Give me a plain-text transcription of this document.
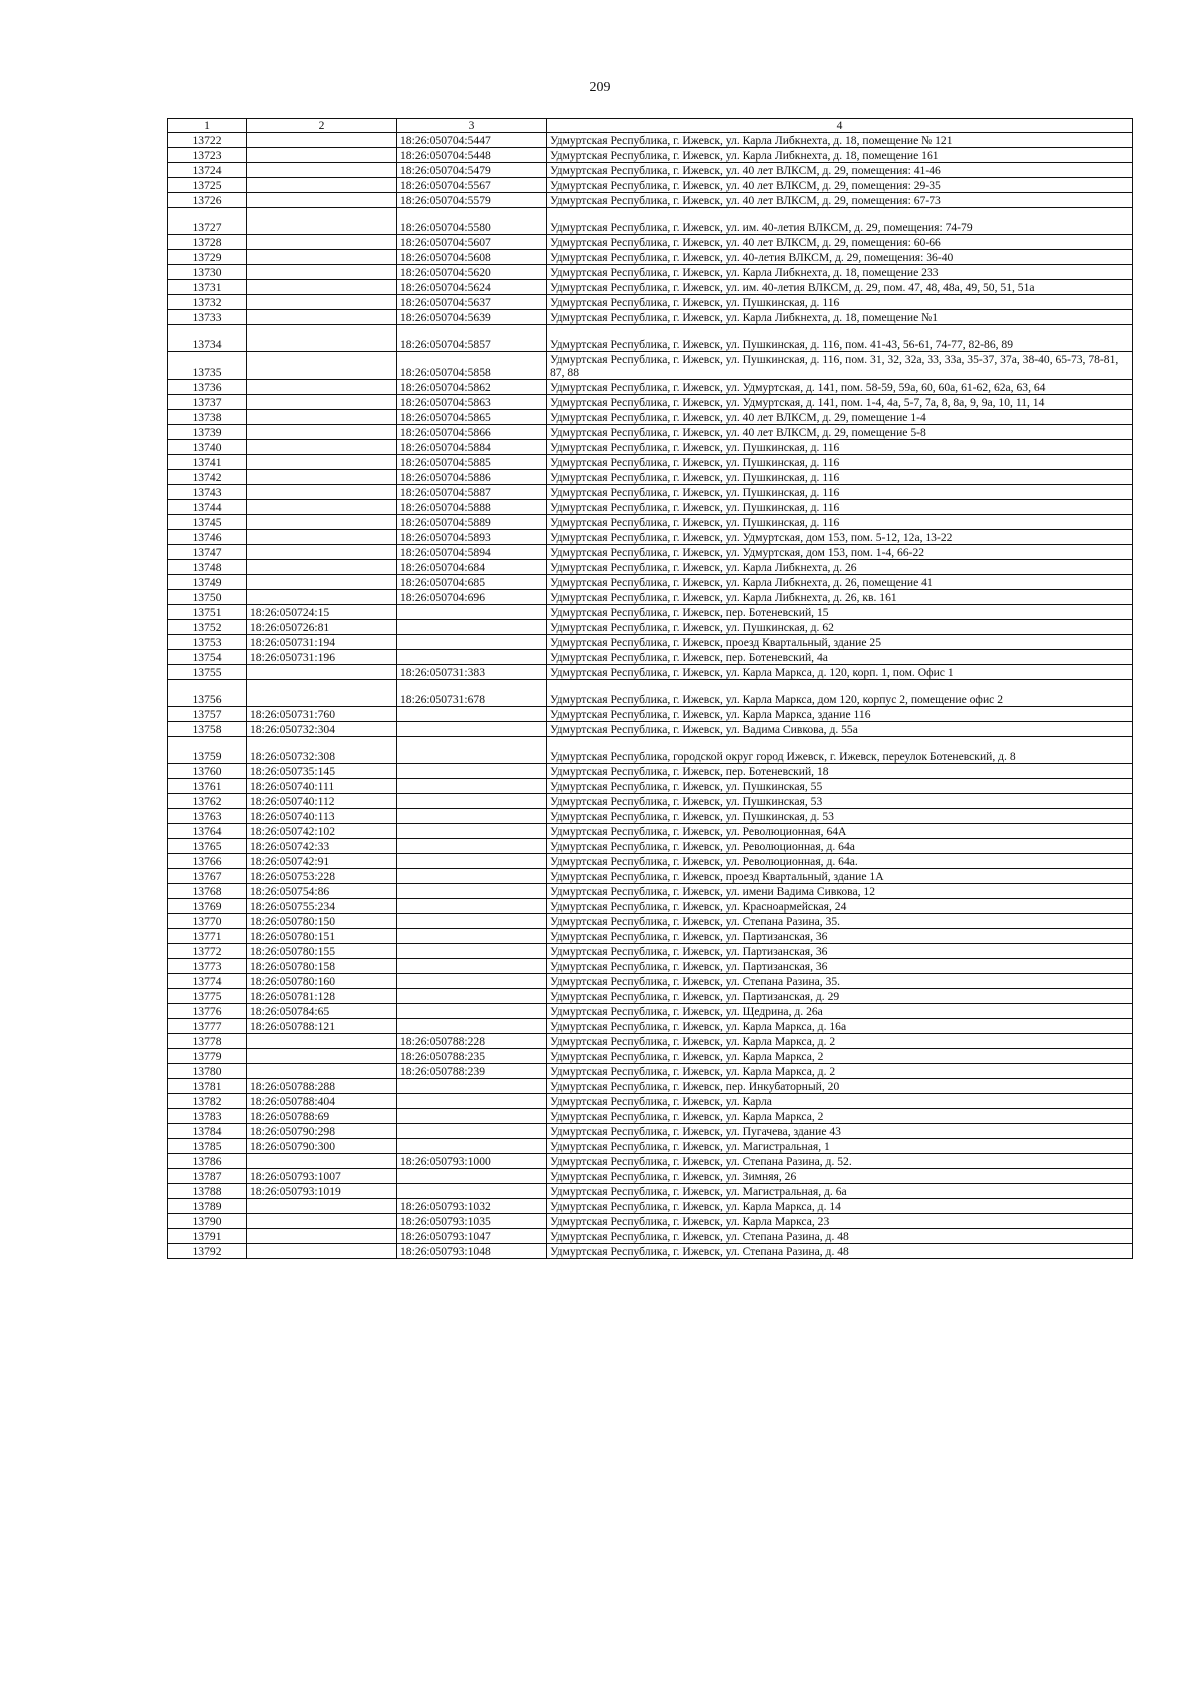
209
1	2	3	4
13722		18:26:050704:5447	Удмуртская Республика, г. Ижевск, ул. Карла Либкнехта, д. 18, помещение № 121
13723		18:26:050704:5448	Удмуртская Республика, г. Ижевск, ул. Карла Либкнехта, д. 18, помещение 161
13724		18:26:050704:5479	Удмуртская Республика, г. Ижевск, ул. 40 лет ВЛКСМ, д. 29, помещения: 41-46
13725		18:26:050704:5567	Удмуртская Республика, г. Ижевск, ул. 40 лет ВЛКСМ, д. 29, помещения: 29-35
13726		18:26:050704:5579	Удмуртская Республика, г. Ижевск, ул. 40 лет ВЛКСМ, д. 29, помещения: 67-73
13727		18:26:050704:5580	Удмуртская Республика, г. Ижевск, ул. им. 40-летия ВЛКСМ, д. 29, помещения: 74-79
13728		18:26:050704:5607	Удмуртская Республика, г. Ижевск, ул. 40 лет ВЛКСМ, д. 29, помещения: 60-66
13729		18:26:050704:5608	Удмуртская Республика, г. Ижевск, ул. 40-летия ВЛКСМ, д. 29, помещения: 36-40
13730		18:26:050704:5620	Удмуртская Республика, г. Ижевск, ул. Карла Либкнехта, д. 18, помещение 233
13731		18:26:050704:5624	Удмуртская Республика, г. Ижевск, ул. им. 40-летия ВЛКСМ, д. 29, пом. 47, 48, 48а, 49, 50, 51, 51а
13732		18:26:050704:5637	Удмуртская Республика, г. Ижевск, ул. Пушкинская, д. 116
13733		18:26:050704:5639	Удмуртская Республика, г. Ижевск, ул. Карла Либкнехта, д. 18, помещение №1
13734		18:26:050704:5857	Удмуртская Республика, г. Ижевск, ул. Пушкинская, д. 116, пом. 41-43, 56-61, 74-77, 82-86, 89
13735		18:26:050704:5858	Удмуртская Республика, г. Ижевск, ул. Пушкинская, д. 116, пом. 31, 32, 32а, 33, 33а, 35-37, 37а, 38-40, 65-73, 78-81, 87, 88
13736		18:26:050704:5862	Удмуртская Республика, г. Ижевск, ул. Удмуртская, д. 141, пом. 58-59, 59а, 60, 60а, 61-62, 62а, 63, 64
13737		18:26:050704:5863	Удмуртская Республика, г. Ижевск, ул. Удмуртская, д. 141, пом. 1-4, 4а, 5-7, 7а, 8, 8а, 9, 9а, 10, 11, 14
13738		18:26:050704:5865	Удмуртская Республика, г. Ижевск, ул. 40 лет ВЛКСМ, д. 29, помещение 1-4
13739		18:26:050704:5866	Удмуртская Республика, г. Ижевск, ул. 40 лет ВЛКСМ, д. 29, помещение 5-8
13740		18:26:050704:5884	Удмуртская Республика, г. Ижевск, ул. Пушкинская, д. 116
13741		18:26:050704:5885	Удмуртская Республика, г. Ижевск, ул. Пушкинская, д. 116
13742		18:26:050704:5886	Удмуртская Республика, г. Ижевск, ул. Пушкинская, д. 116
13743		18:26:050704:5887	Удмуртская Республика, г. Ижевск, ул. Пушкинская, д. 116
13744		18:26:050704:5888	Удмуртская Республика, г. Ижевск, ул. Пушкинская, д. 116
13745		18:26:050704:5889	Удмуртская Республика, г. Ижевск, ул. Пушкинская, д. 116
13746		18:26:050704:5893	Удмуртская Республика, г. Ижевск, ул. Удмуртская, дом 153, пом. 5-12, 12а, 13-22
13747		18:26:050704:5894	Удмуртская Республика, г. Ижевск, ул. Удмуртская, дом 153, пом. 1-4, 66-22
13748		18:26:050704:684	Удмуртская Республика, г. Ижевск, ул. Карла Либкнехта, д. 26
13749		18:26:050704:685	Удмуртская Республика, г. Ижевск, ул. Карла Либкнехта, д. 26, помещение 41
13750		18:26:050704:696	Удмуртская Республика, г. Ижевск, ул. Карла Либкнехта, д. 26, кв. 161
13751	18:26:050724:15		Удмуртская Республика, г. Ижевск, пер. Ботеневский, 15
13752	18:26:050726:81		Удмуртская Республика, г. Ижевск, ул. Пушкинская, д. 62
13753	18:26:050731:194		Удмуртская Республика, г. Ижевск, проезд Квартальный, здание 25
13754	18:26:050731:196		Удмуртская Республика, г. Ижевск, пер. Ботеневский, 4а
13755		18:26:050731:383	Удмуртская Республика, г. Ижевск, ул. Карла Маркса, д. 120, корп. 1, пом. Офис 1
13756		18:26:050731:678	Удмуртская Республика, г. Ижевск, ул. Карла Маркса, дом 120, корпус 2, помещение офис 2
13757	18:26:050731:760		Удмуртская Республика, г. Ижевск, ул. Карла Маркса, здание 116
13758	18:26:050732:304		Удмуртская Республика, г. Ижевск, ул. Вадима Сивкова, д. 55а
13759	18:26:050732:308		Удмуртская Республика, городской округ город Ижевск, г. Ижевск, переулок Ботеневский, д. 8
13760	18:26:050735:145		Удмуртская Республика, г. Ижевск, пер. Ботеневский, 18
13761	18:26:050740:111		Удмуртская Республика, г. Ижевск, ул. Пушкинская, 55
13762	18:26:050740:112		Удмуртская Республика, г. Ижевск, ул. Пушкинская, 53
13763	18:26:050740:113		Удмуртская Республика, г. Ижевск, ул. Пушкинская, д. 53
13764	18:26:050742:102		Удмуртская Республика, г. Ижевск, ул. Революционная, 64А
13765	18:26:050742:33		Удмуртская Республика, г. Ижевск, ул. Революционная, д. 64а
13766	18:26:050742:91		Удмуртская Республика, г. Ижевск, ул. Революционная, д. 64а.
13767	18:26:050753:228		Удмуртская Республика, г. Ижевск, проезд Квартальный, здание 1А
13768	18:26:050754:86		Удмуртская Республика, г. Ижевск, ул. имени Вадима Сивкова, 12
13769	18:26:050755:234		Удмуртская Республика, г. Ижевск, ул. Красноармейская, 24
13770	18:26:050780:150		Удмуртская Республика, г. Ижевск, ул. Степана Разина, 35.
13771	18:26:050780:151		Удмуртская Республика, г. Ижевск, ул. Партизанская, 36
13772	18:26:050780:155		Удмуртская Республика, г. Ижевск, ул. Партизанская, 36
13773	18:26:050780:158		Удмуртская Республика, г. Ижевск, ул. Партизанская, 36
13774	18:26:050780:160		Удмуртская Республика, г. Ижевск, ул. Степана Разина, 35.
13775	18:26:050781:128		Удмуртская Республика, г. Ижевск, ул. Партизанская, д. 29
13776	18:26:050784:65		Удмуртская Республика, г. Ижевск, ул. Щедрина, д. 26а
13777	18:26:050788:121		Удмуртская Республика, г. Ижевск, ул. Карла Маркса, д. 16а
13778		18:26:050788:228	Удмуртская Республика, г. Ижевск, ул. Карла Маркса, д. 2
13779		18:26:050788:235	Удмуртская Республика, г. Ижевск, ул. Карла Маркса, 2
13780		18:26:050788:239	Удмуртская Республика, г. Ижевск, ул. Карла Маркса, д. 2
13781	18:26:050788:288		Удмуртская Республика, г. Ижевск, пер. Инкубаторный, 20
13782	18:26:050788:404		Удмуртская Республика, г. Ижевск, ул. Карла
13783	18:26:050788:69		Удмуртская Республика, г. Ижевск, ул. Карла Маркса, 2
13784	18:26:050790:298		Удмуртская Республика, г. Ижевск, ул. Пугачева, здание 43
13785	18:26:050790:300		Удмуртская Республика, г. Ижевск, ул. Магистральная, 1
13786		18:26:050793:1000	Удмуртская Республика, г. Ижевск, ул. Степана Разина, д. 52.
13787	18:26:050793:1007		Удмуртская Республика, г. Ижевск, ул. Зимняя, 26
13788	18:26:050793:1019		Удмуртская Республика, г. Ижевск, ул. Магистральная, д. 6а
13789		18:26:050793:1032	Удмуртская Республика, г. Ижевск, ул. Карла Маркса, д. 14
13790		18:26:050793:1035	Удмуртская Республика, г. Ижевск, ул. Карла Маркса, 23
13791		18:26:050793:1047	Удмуртская Республика, г. Ижевск, ул. Степана Разина, д. 48
13792		18:26:050793:1048	Удмуртская Республика, г. Ижевск, ул. Степана Разина, д. 48
